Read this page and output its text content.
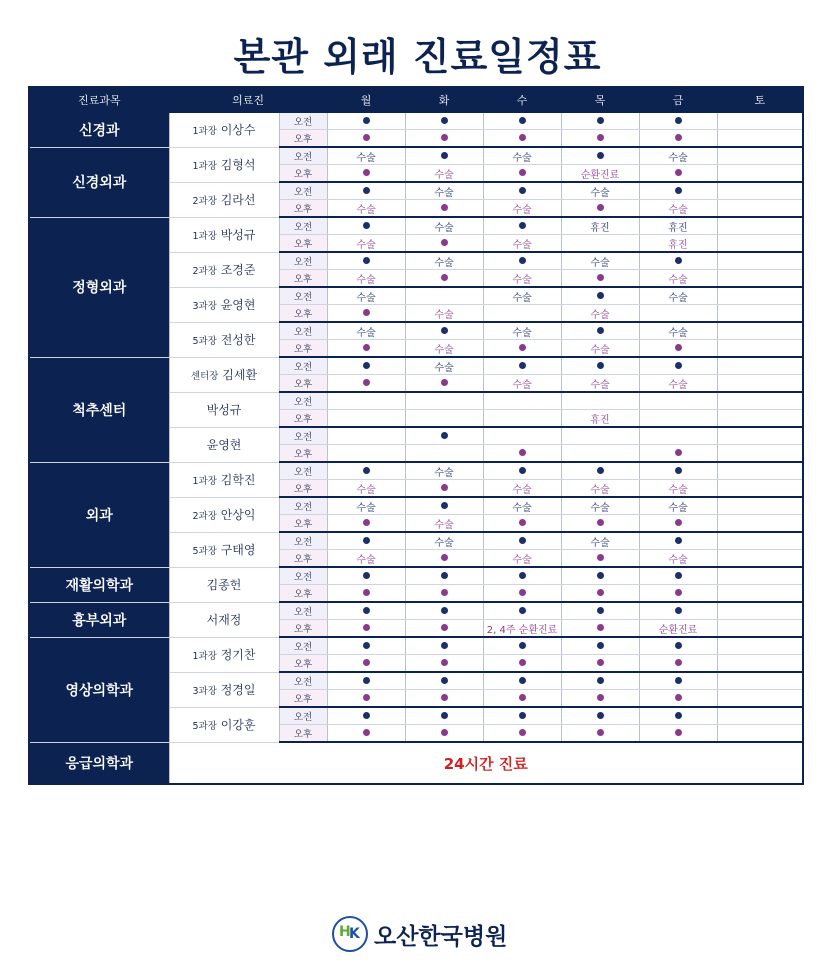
본관 외래 진료일정표
진료과목	의료진		월	화	수	목	금	토
신경과	1과장 이상수	오전						
		오후						
신경외과	1과장 김형석	오전	수술		수술		수술	
		오후		수술		순환진료		
	2과장 김라선	오전		수술		수술		
		오후	수술		수술		수술	
정형외과	1과장 박성규	오전		수술		휴진	휴진	
		오후	수술		수술		휴진	
	2과장 조경준	오전		수술		수술		
		오후	수술		수술		수술	
	3과장 윤영현	오전	수술		수술		수술	
		오후		수술		수술		
	5과장 전성한	오전	수술		수술		수술	
		오후		수술		수술		
척추센터	센터장 김세환	오전		수술				
		오후			수술	수술	수술	
	박성규	오전						
		오후				휴진		
	윤영현	오전						
		오후						
외과	1과장 김학진	오전		수술				
		오후	수술		수술	수술	수술	
	2과장 안상익	오전	수술		수술	수술	수술	
		오후		수술				
	5과장 구태영	오전		수술		수술		
		오후	수술		수술		수술	
재활의학과	김종헌	오전						
		오후						
흉부외과	서재정	오전						
		오후			2, 4주 순환진료		순환진료	
영상의학과	1과장 정기찬	오전						
		오후						
	3과장 정경일	오전						
		오후						
	5과장 이강훈	오전						
		오후						
응급의학과	24시간 진료							
H
K 오산한국병원
